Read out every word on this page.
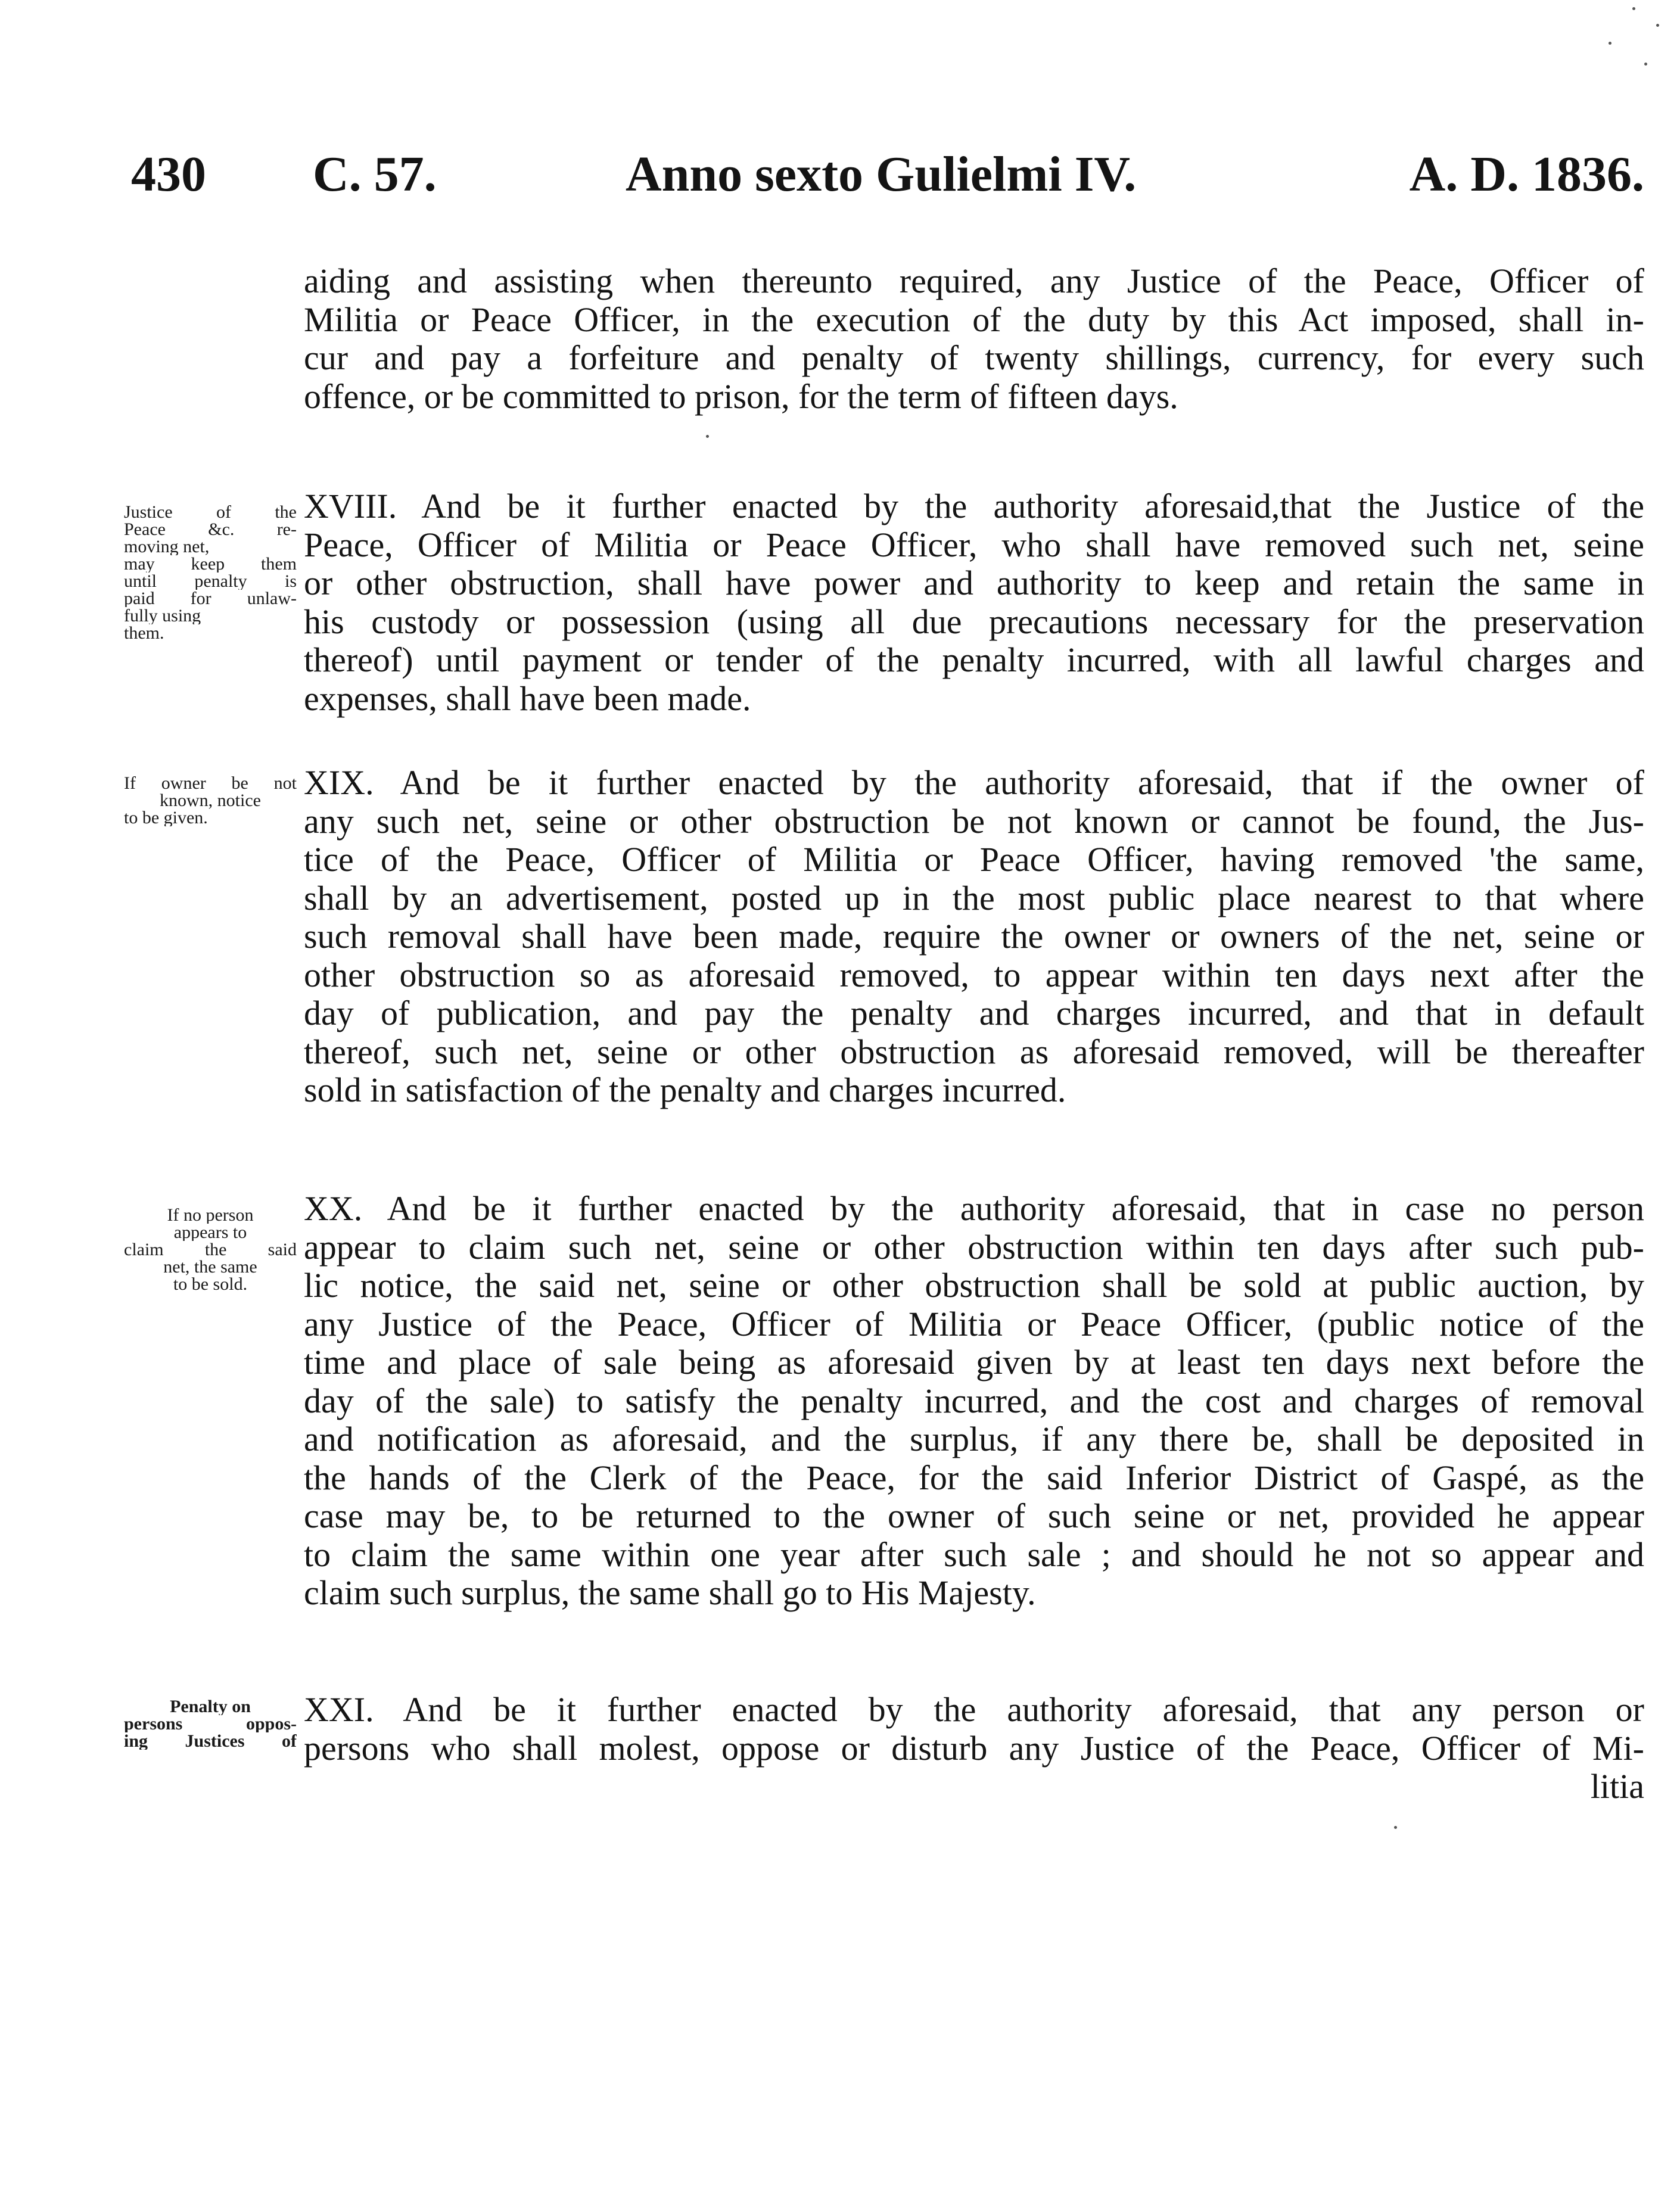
430 C. 57.	Anno sexto Gulielmi IV.	A. D. 1836.
aiding and assisting when thereunto required, any Justice of the Peace, Officer of
Militia or Peace Officer, in the execution of the duty by this Act imposed, shall in-
cur and pay a forfeiture and penalty of twenty shillings, currency, for every such
offence, or be committed to prison, for the term of fifteen days.
Justice of the
Peace &c. re-
moving net,
may keep them
until penalty is
paid for unlaw-
fully using
them.
XVIII. And be it further enacted by the authority aforesaid,that the Justice of the
Peace, Officer of Militia or Peace Officer, who shall have removed such net, seine
or other obstruction, shall have power and authority to keep and retain the same in
his custody or possession (using all due precautions necessary for the preservation
thereof) until payment or tender of the penalty incurred, with all lawful charges and
expenses, shall have been made.
If owner be not
known, notice
to be given.
XIX. And be it further enacted by the authority aforesaid, that if the owner of
any such net, seine or other obstruction be not known or cannot be found, the Jus-
tice of the Peace, Officer of Militia or Peace Officer, having removed 'the same,
shall by an advertisement, posted up in the most public place nearest to that where
such removal shall have been made, require the owner or owners of the net, seine or
other obstruction so as aforesaid removed, to appear within ten days next after the
day of publication, and pay the penalty and charges incurred, and that in default
thereof, such net, seine or other obstruction as aforesaid removed, will be thereafter
sold in satisfaction of the penalty and charges incurred.
If no person
appears to
claim the said
net, the same
to be sold.
XX. And be it further enacted by the authority aforesaid, that in case no person
appear to claim such net, seine or other obstruction within ten days after such pub-
lic notice, the said net, seine or other obstruction shall be sold at public auction, by
any Justice of the Peace, Officer of Militia or Peace Officer, (public notice of the
time and place of sale being as aforesaid given by at least ten days next before the
day of the sale) to satisfy the penalty incurred, and the cost and charges of removal
and notification as aforesaid, and the surplus, if any there be, shall be deposited in
the hands of the Clerk of the Peace, for the said Inferior District of Gaspé, as the
case may be, to be returned to the owner of such seine or net, provided he appear
to claim the same within one year after such sale ; and should he not so appear and
claim such surplus, the same shall go to His Majesty.
Penalty on
persons oppos-
ing Justices of
XXI. And be it further enacted by the authority aforesaid, that any person or
persons who shall molest, oppose or disturb any Justice of the Peace, Officer of Mi-
litia
